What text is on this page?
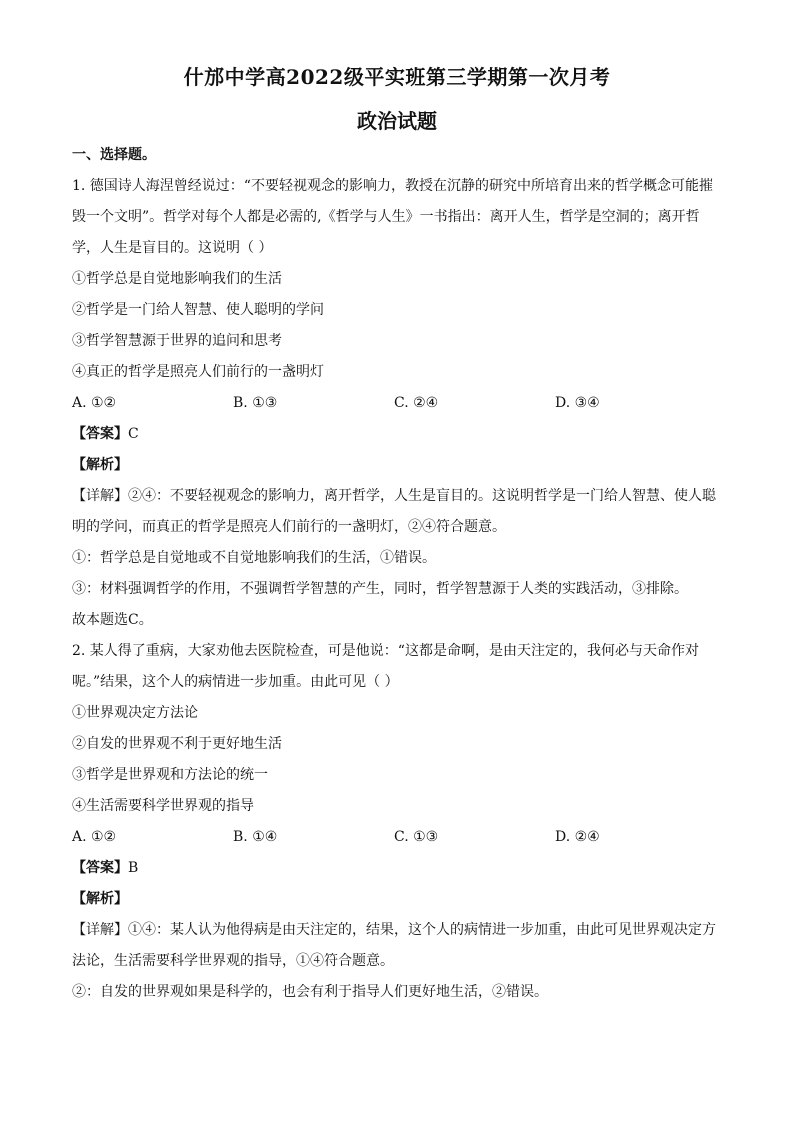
什邡中学高2022级平实班第三学期第一次月考
政治试题
一、选择题。
1. 德国诗人海涅曾经说过：“不要轻视观念的影响力，教授在沉静的研究中所培育出来的哲学概念可能摧
毁一个文明”。哲学对每个人都是必需的,《哲学与人生》一书指出：离开人生，哲学是空洞的；离开哲
学，人生是盲目的。这说明（ ）
①哲学总是自觉地影响我们的生活
②哲学是一门给人智慧、使人聪明的学问
③哲学智慧源于世界的追问和思考
④真正的哲学是照亮人们前行的一盏明灯
A. ①②	B. ①③	C. ②④	D. ③④
【答案】C
【解析】
【详解】②④：不要轻视观念的影响力，离开哲学，人生是盲目的。这说明哲学是一门给人智慧、使人聪
明的学问，而真正的哲学是照亮人们前行的一盏明灯，②④符合题意。
①：哲学总是自觉地或不自觉地影响我们的生活，①错误。
③：材料强调哲学的作用，不强调哲学智慧的产生，同时，哲学智慧源于人类的实践活动，③排除。
故本题选C。
2. 某人得了重病，大家劝他去医院检查，可是他说：“这都是命啊，是由天注定的，我何必与天命作对
呢。”结果，这个人的病情进一步加重。由此可见（ ）
①世界观决定方法论
②自发的世界观不利于更好地生活
③哲学是世界观和方法论的统一
④生活需要科学世界观的指导
A. ①②	B. ①④	C. ①③	D. ②④
【答案】B
【解析】
【详解】①④：某人认为他得病是由天注定的，结果，这个人的病情进一步加重，由此可见世界观决定方
法论，生活需要科学世界观的指导，①④符合题意。
②：自发的世界观如果是科学的，也会有利于指导人们更好地生活，②错误。
